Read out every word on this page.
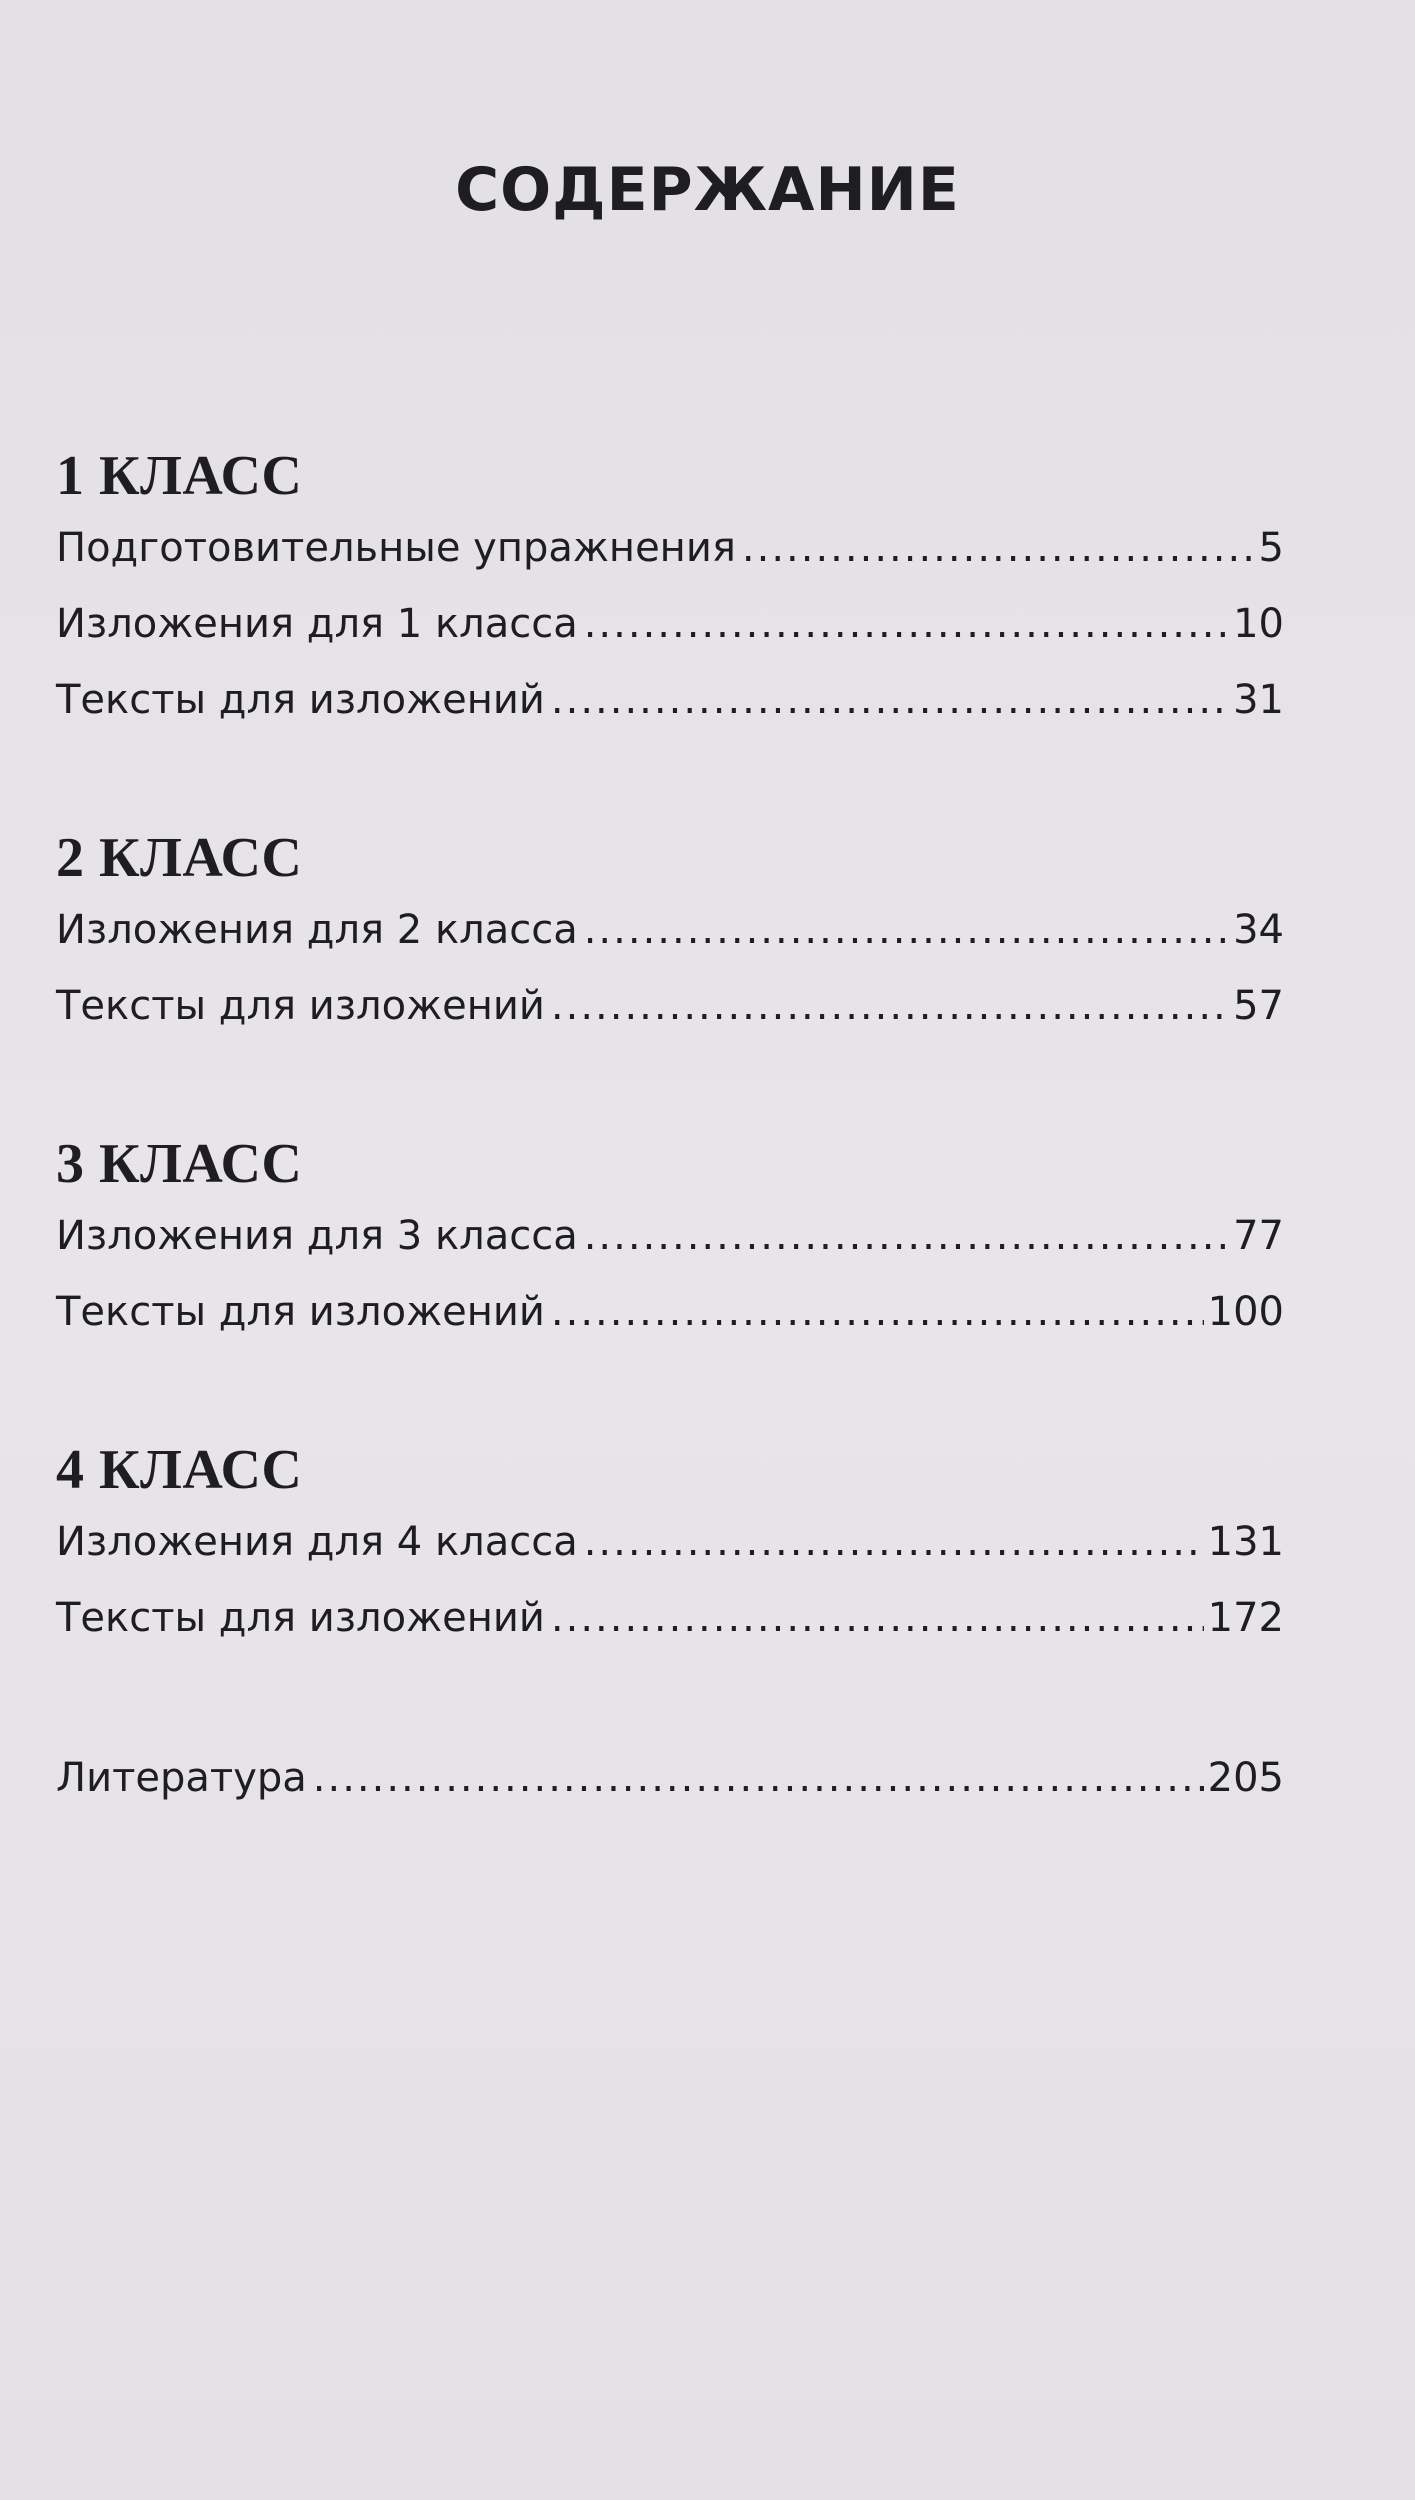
СОДЕРЖАНИЕ
1 КЛАСС
Подготовительные упражнения .....	5
Изложения для 1 класса .....	10
Тексты для изложений .....	31
2 КЛАСС
Изложения для 2 класса .....	34
Тексты для изложений .....	57
3 КЛАСС
Изложения для 3 класса .....	77
Тексты для изложений .....	100
4 КЛАСС
Изложения для 4 класса .....	131
Тексты для изложений .....	172
Литература .....	205
